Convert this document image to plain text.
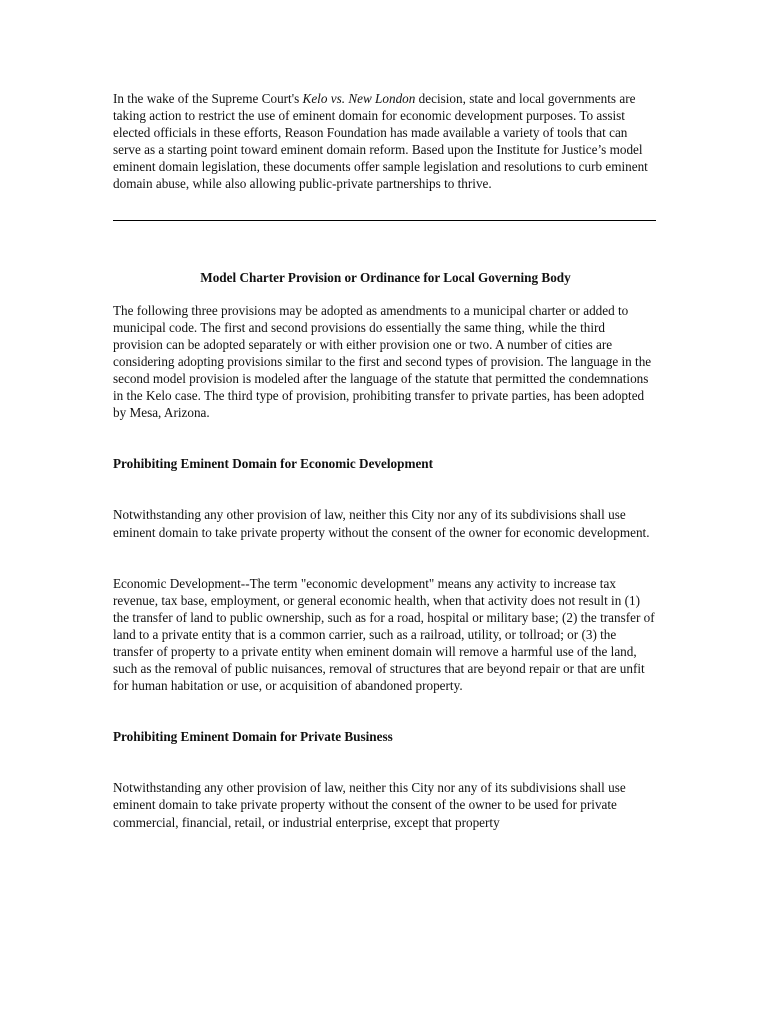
In the wake of the Supreme Court's Kelo vs. New London decision, state and local governments are taking action to restrict the use of eminent domain for economic development purposes. To assist elected officials in these efforts, Reason Foundation has made available a variety of tools that can serve as a starting point toward eminent domain reform. Based upon the Institute for Justice’s model eminent domain legislation, these documents offer sample legislation and resolutions to curb eminent domain abuse, while also allowing public-private partnerships to thrive.

Model Charter Provision or Ordinance for Local Governing Body

The following three provisions may be adopted as amendments to a municipal charter or added to municipal code. The first and second provisions do essentially the same thing, while the third provision can be adopted separately or with either provision one or two. A number of cities are considering adopting provisions similar to the first and second types of provision. The language in the second model provision is modeled after the language of the statute that permitted the condemnations in the Kelo case. The third type of provision, prohibiting transfer to private parties, has been adopted by Mesa, Arizona.

Prohibiting Eminent Domain for Economic Development

Notwithstanding any other provision of law, neither this City nor any of its subdivisions shall use eminent domain to take private property without the consent of the owner for economic development.

Economic Development--The term "economic development" means any activity to increase tax revenue, tax base, employment, or general economic health, when that activity does not result in (1) the transfer of land to public ownership, such as for a road, hospital or military base; (2) the transfer of land to a private entity that is a common carrier, such as a railroad, utility, or tollroad; or (3) the transfer of property to a private entity when eminent domain will remove a harmful use of the land, such as the removal of public nuisances, removal of structures that are beyond repair or that are unfit for human habitation or use, or acquisition of abandoned property.

Prohibiting Eminent Domain for Private Business

Notwithstanding any other provision of law, neither this City nor any of its subdivisions shall use eminent domain to take private property without the consent of the owner to be used for private commercial, financial, retail, or industrial enterprise, except that property
